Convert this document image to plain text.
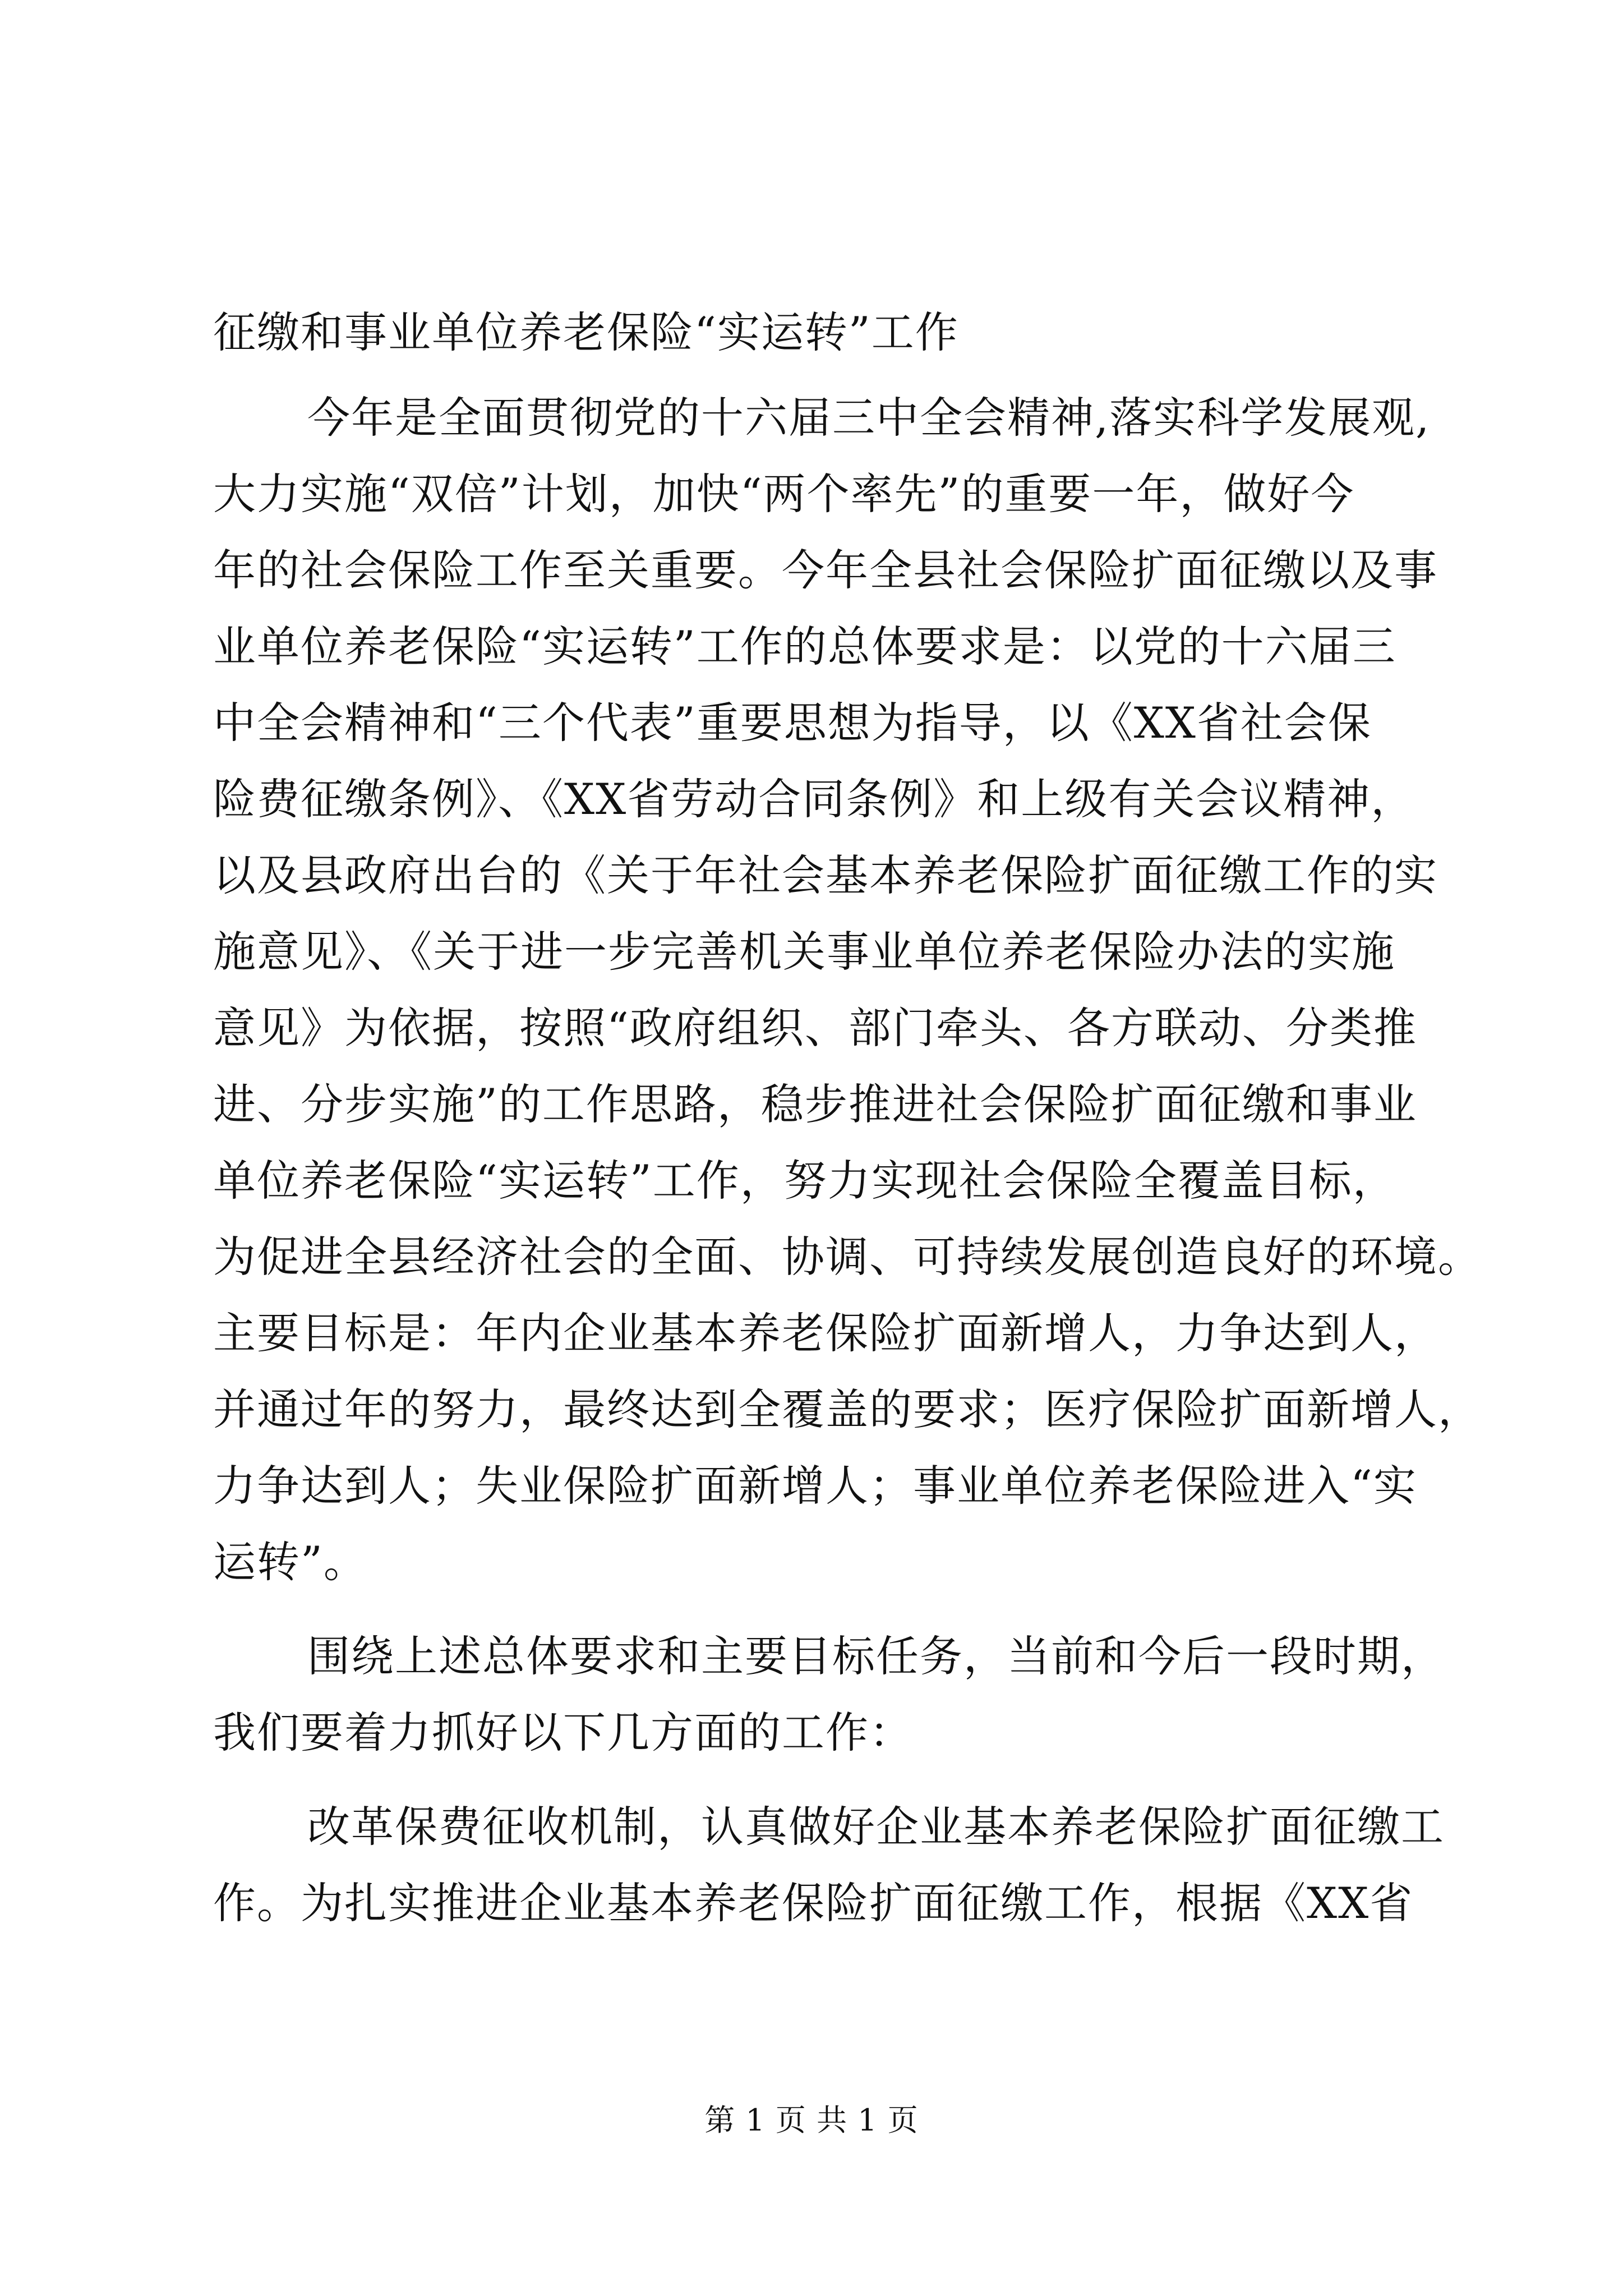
征缴和事业单位养老保险“实运转”工作
今年是全面贯彻党的十六届三中全会精神,落实科学发展观,
大力实施“双倍”计划，加快“两个率先”的重要一年，做好今
年的社会保险工作至关重要。今年全县社会保险扩面征缴以及事
业单位养老保险“实运转”工作的总体要求是：以党的十六届三
中全会精神和“三个代表”重要思想为指导，以《XX省社会保
险费征缴条例》、《XX省劳动合同条例》和上级有关会议精神，
以及县政府出台的《关于年社会基本养老保险扩面征缴工作的实
施意见》、《关于进一步完善机关事业单位养老保险办法的实施
意见》为依据，按照“政府组织、部门牵头、各方联动、分类推
进、分步实施”的工作思路，稳步推进社会保险扩面征缴和事业
单位养老保险“实运转”工作，努力实现社会保险全覆盖目标，
为促进全县经济社会的全面、协调、可持续发展创造良好的环境。
主要目标是：年内企业基本养老保险扩面新增人，力争达到人，
并通过年的努力，最终达到全覆盖的要求；医疗保险扩面新增人，
力争达到人；失业保险扩面新增人；事业单位养老保险进入“实
运转”。
围绕上述总体要求和主要目标任务，当前和今后一段时期，
我们要着力抓好以下几方面的工作：
改革保费征收机制，认真做好企业基本养老保险扩面征缴工
作。为扎实推进企业基本养老保险扩面征缴工作，根据《XX省
第 1 页 共 1 页
